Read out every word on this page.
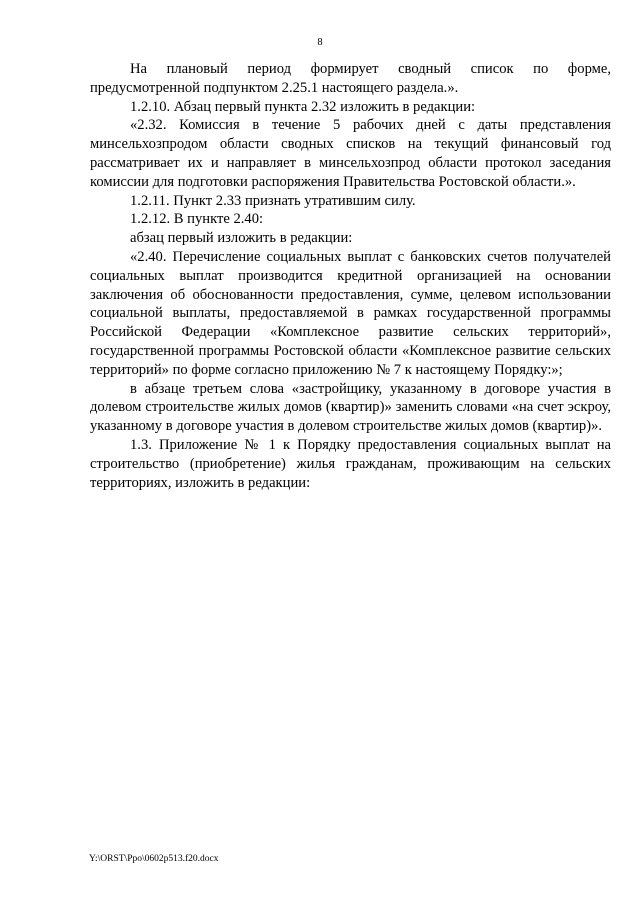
8

На плановый период формирует сводный список по форме, предусмотренной подпунктом 2.25.1 настоящего раздела.».

1.2.10. Абзац первый пункта 2.32 изложить в редакции:

«2.32. Комиссия в течение 5 рабочих дней с даты представления минсельхозпродом области сводных списков на текущий финансовый год рассматривает их и направляет в минсельхозпрод области протокол заседания комиссии для подготовки распоряжения Правительства Ростовской области.».

1.2.11. Пункт 2.33 признать утратившим силу.

1.2.12. В пункте 2.40:

абзац первый изложить в редакции:

«2.40. Перечисление социальных выплат с банковских счетов получателей социальных выплат производится кредитной организацией на основании заключения об обоснованности предоставления, сумме, целевом использовании социальной выплаты, предоставляемой в рамках государственной программы Российской Федерации «Комплексное развитие сельских территорий», государственной программы Ростовской области «Комплексное развитие сельских территорий» по форме согласно приложению № 7 к настоящему Порядку:»;

в абзаце третьем слова «застройщику, указанному в договоре участия в долевом строительстве жилых домов (квартир)» заменить словами «на счет эскроу, указанному в договоре участия в долевом строительстве жилых домов (квартир)».

1.3. Приложение № 1 к Порядку предоставления социальных выплат на строительство (приобретение) жилья гражданам, проживающим на сельских территориях, изложить в редакции:

Y:\ORST\Ppo\0602p513.f20.docx
